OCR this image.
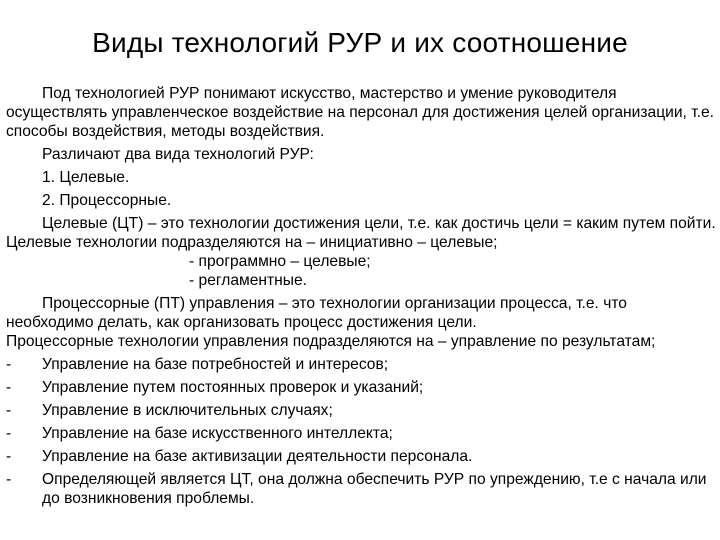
Виды технологий РУР и их соотношение

Под технологией РУР понимают искусство, мастерство и умение руководителя осуществлять управленческое воздействие на персонал для достижения целей организации, т.е. способы воздействия, методы воздействия.

Различают два вида технологий РУР:

1. Целевые.

2. Процессорные.

Целевые (ЦТ) – это технологии достижения цели, т.е. как достичь цели = каким путем пойти. Целевые технологии подразделяются на – инициативно – целевые;

- программно – целевые;

- регламентные.

Процессорные (ПТ) управления – это технологии организации процесса, т.е. что необходимо делать, как организовать процесс достижения цели.

Процессорные технологии управления подразделяются на – управление по результатам;

- Управление на базе потребностей и интересов;
- Управление путем постоянных проверок и указаний;
- Управление в исключительных случаях;
- Управление на базе искусственного интеллекта;
- Управление на базе активизации деятельности персонала.
- Определяющей является ЦТ, она должна обеспечить РУР по упреждению, т.е с начала или до возникновения проблемы.
